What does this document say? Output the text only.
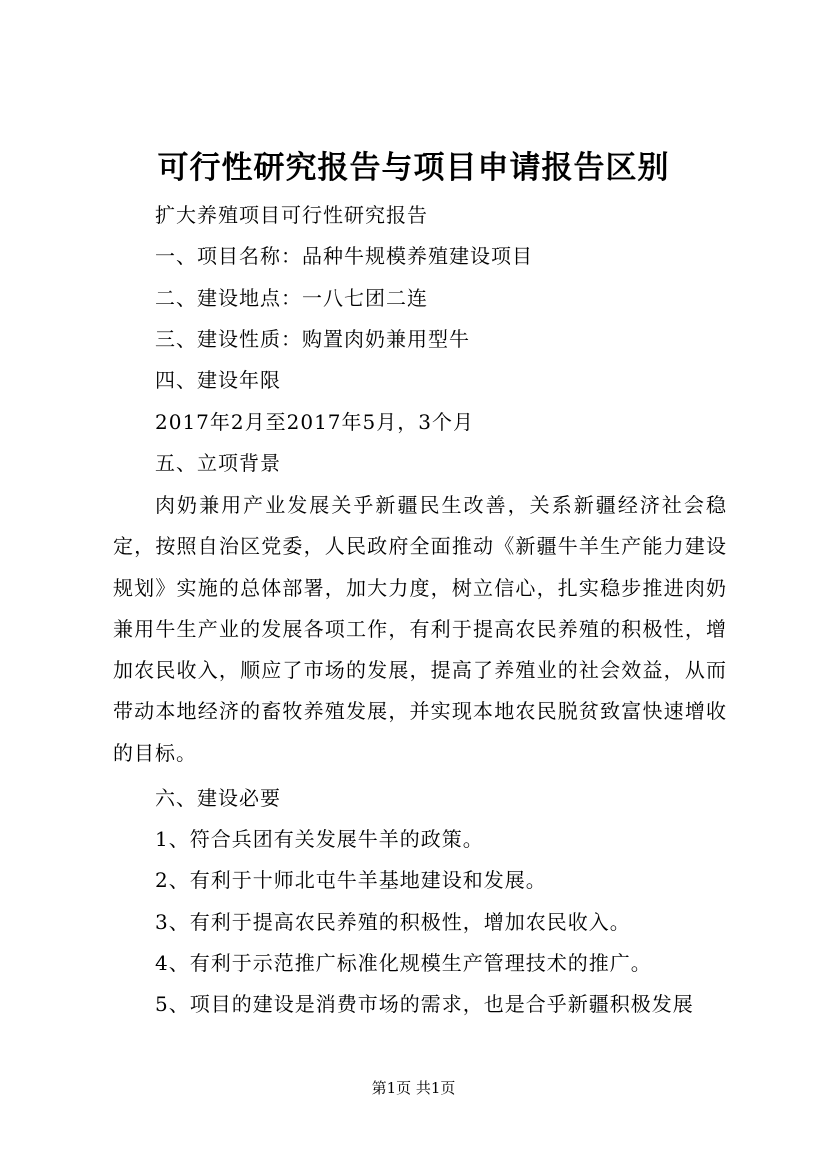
可行性研究报告与项目申请报告区别
扩大养殖项目可行性研究报告
一、项目名称：品种牛规模养殖建设项目
二、建设地点：一八七团二连
三、建设性质：购置肉奶兼用型牛
四、建设年限
2017年2月至2017年5月，3个月
五、立项背景

肉奶兼用产业发展关乎新疆民生改善，关系新疆经济社会稳定，按照自治区党委，人民政府全面推动《新疆牛羊生产能力建设规划》实施的总体部署，加大力度，树立信心，扎实稳步推进肉奶兼用牛生产业的发展各项工作，有利于提高农民养殖的积极性，增加农民收入，顺应了市场的发展，提高了养殖业的社会效益，从而带动本地经济的畜牧养殖发展，并实现本地农民脱贫致富快速增收的目标。

六、建设必要
1、符合兵团有关发展牛羊的政策。
2、有利于十师北屯牛羊基地建设和发展。
3、有利于提高农民养殖的积极性，增加农民收入。
4、有利于示范推广标准化规模生产管理技术的推广。
5、项目的建设是消费市场的需求，也是合乎新疆积极发展
第1页 共1页
